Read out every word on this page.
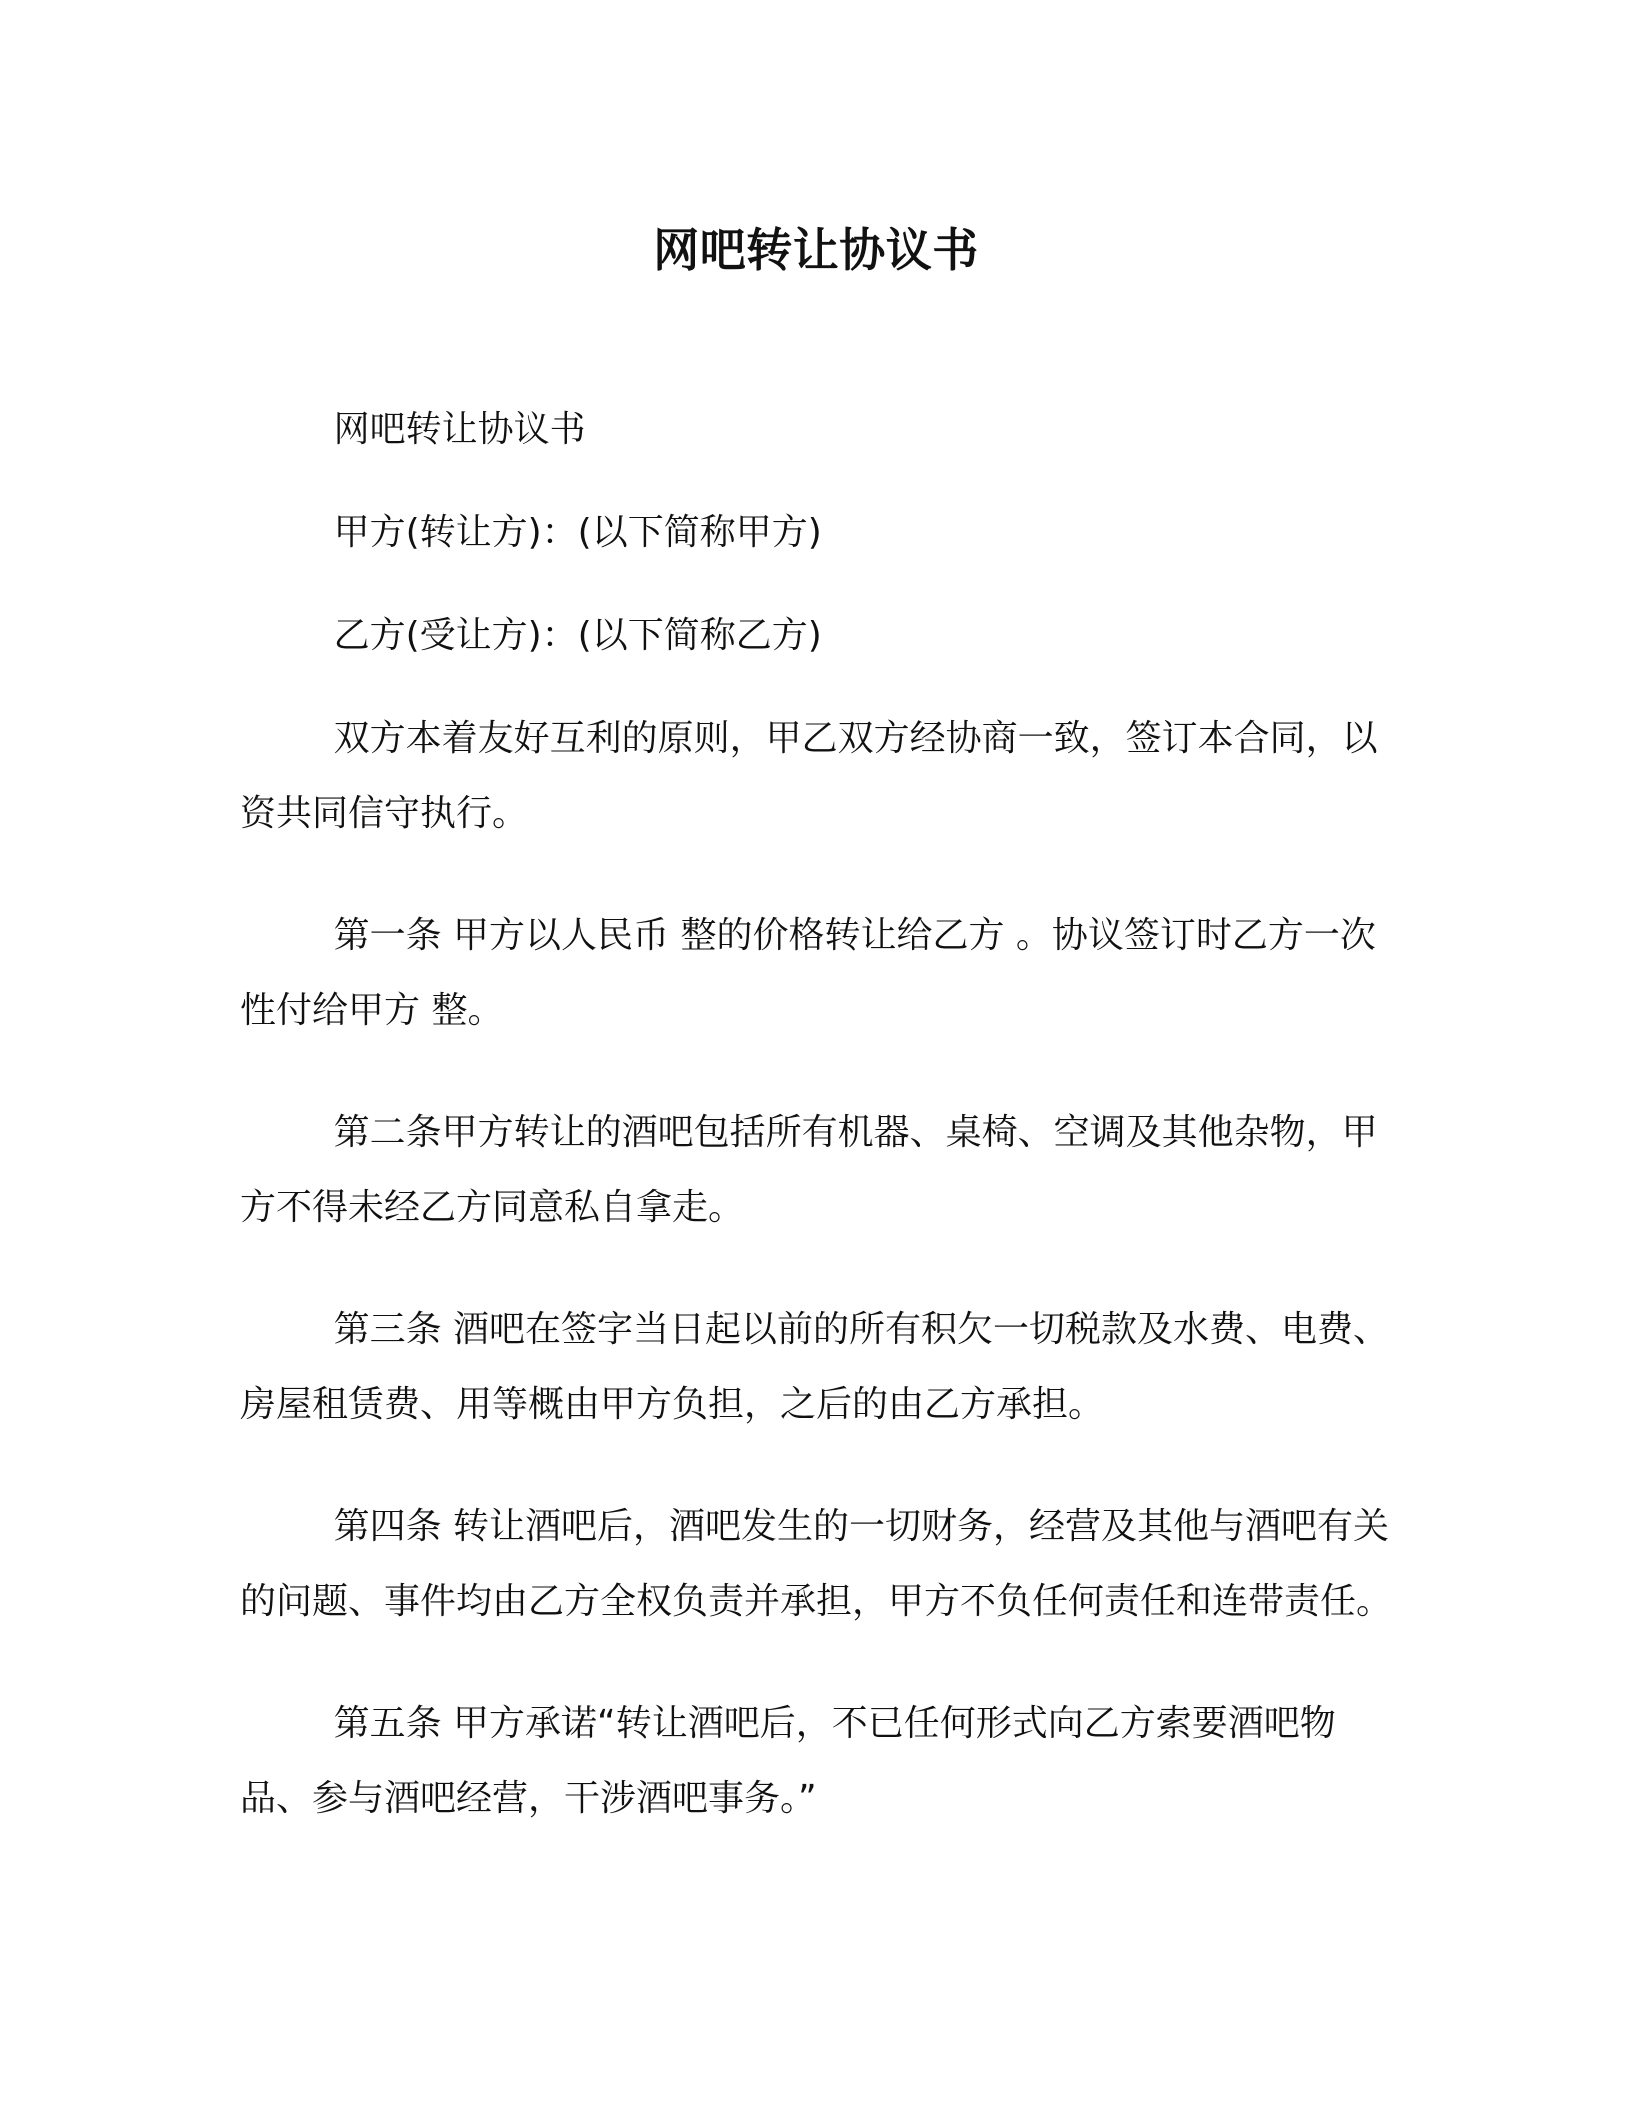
网吧转让协议书

网吧转让协议书

甲方(转让方)：(以下简称甲方)

乙方(受让方)：(以下简称乙方)

双方本着友好互利的原则，甲乙双方经协商一致，签订本合同，以资共同信守执行。

第一条 甲方以人民币 整的价格转让给乙方 。协议签订时乙方一次性付给甲方 整。

第二条甲方转让的酒吧包括所有机器、桌椅、空调及其他杂物，甲方不得未经乙方同意私自拿走。

第三条 酒吧在签字当日起以前的所有积欠一切税款及水费、电费、房屋租赁费、用等概由甲方负担，之后的由乙方承担。

第四条 转让酒吧后，酒吧发生的一切财务，经营及其他与酒吧有关的问题、事件均由乙方全权负责并承担，甲方不负任何责任和连带责任。

第五条 甲方承诺“转让酒吧后，不已任何形式向乙方索要酒吧物品、参与酒吧经营，干涉酒吧事务。”
